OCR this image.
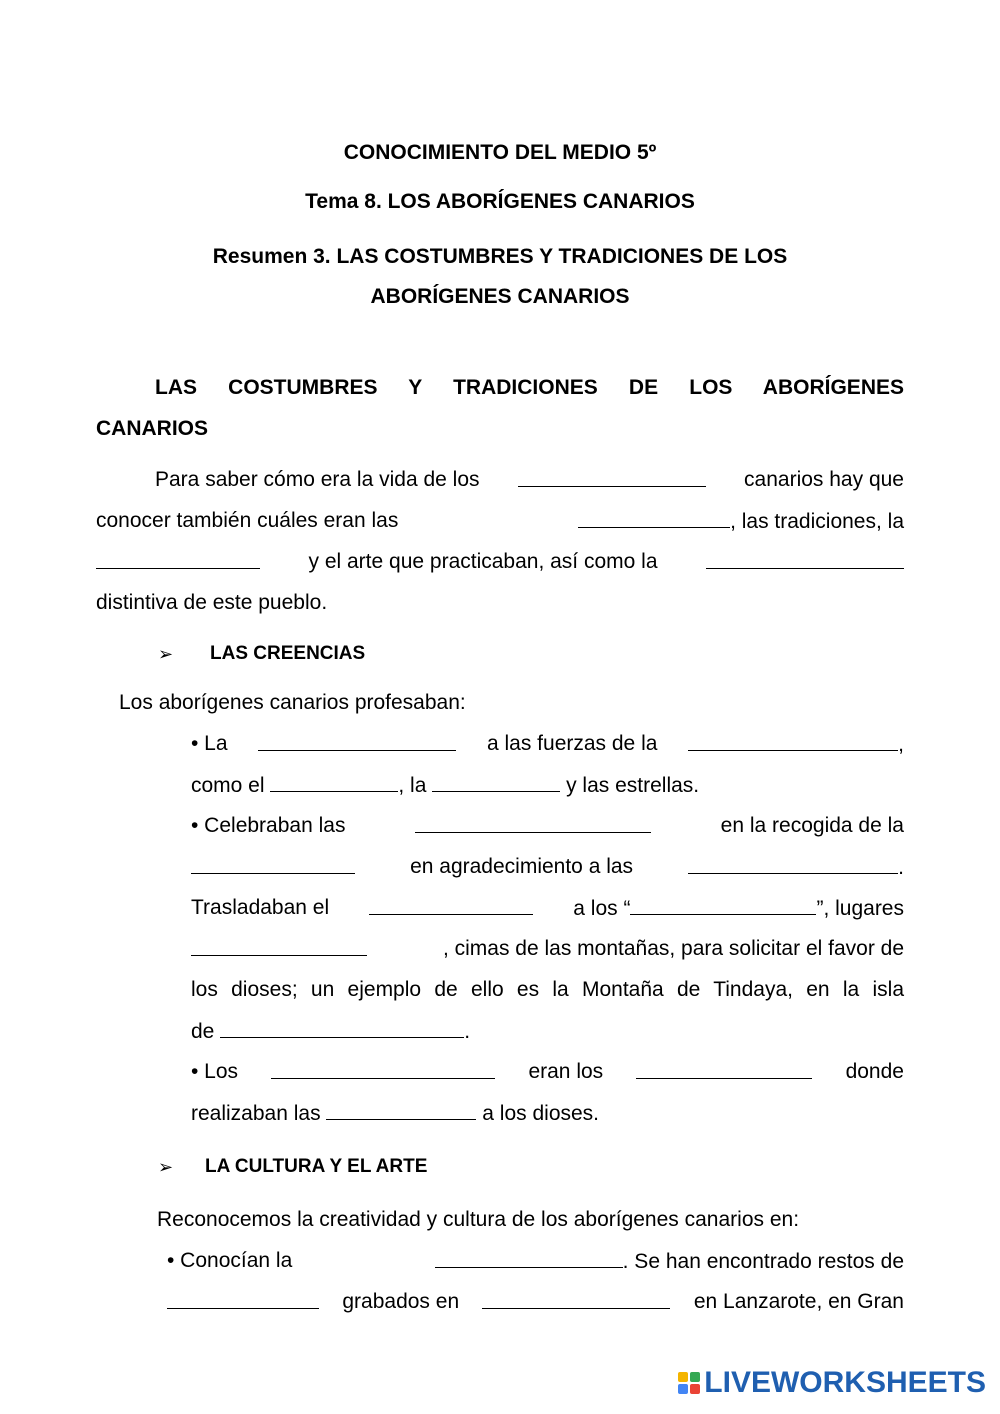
CONOCIMIENTO DEL MEDIO 5º
Tema 8. LOS ABORÍGENES CANARIOS
Resumen 3. LAS COSTUMBRES Y TRADICIONES DE LOS
ABORÍGENES CANARIOS
LAS COSTUMBRES Y TRADICIONES DE LOS ABORÍGENES
CANARIOS
Para saber cómo era la vida de los	canarios hay que
conocer también cuáles eran las	, las tradiciones, la
y el arte que practicaban, así como la
distintiva de este pueblo.
➢ LAS CREENCIAS
Los aborígenes canarios profesaban:
• La	a las fuerzas de la	,
como el	, la	y las estrellas.
• Celebraban las	en la recogida de la
en agradecimiento a las	.
Trasladaban el	a los “	”, lugares
, cimas de las montañas, para solicitar el favor de
los dioses; un ejemplo de ello es la Montaña de Tindaya, en la isla
de	.
• Los	eran los	donde
realizaban las	a los dioses.
➢ LA CULTURA Y EL ARTE
Reconocemos la creatividad y cultura de los aborígenes canarios en:
• Conocían la	. Se han encontrado restos de
grabados en	en Lanzarote, en Gran
LIVEWORKSHEETS
